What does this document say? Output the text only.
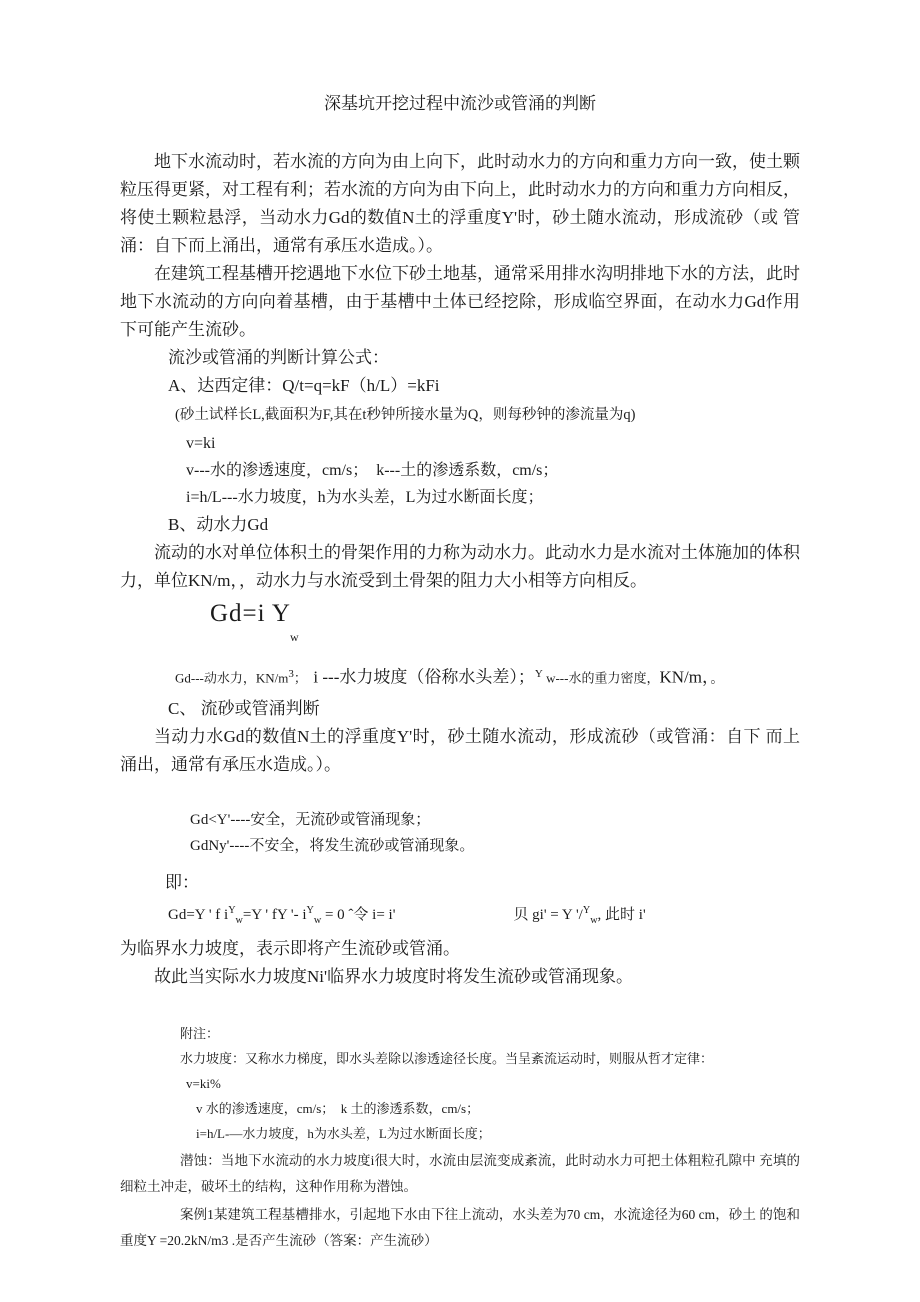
深基坑开挖过程中流沙或管涌的判断

地下水流动时，若水流的方向为由上向下，此时动水力的方向和重力方向一致，使土颗粒压得更紧，对工程有利；若水流的方向为由下向上，此时动水力的方向和重力方向相反，将使土颗粒悬浮，当动水力Gd的数值N土的浮重度Y'时，砂土随水流动，形成流砂（或 管涌：自下而上涌出，通常有承压水造成。）。

在建筑工程基槽开挖遇地下水位下砂土地基，通常采用排水沟明排地下水的方法，此时地下水流动的方向向着基槽，由于基槽中土体已经挖除，形成临空界面，在动水力Gd作用下可能产生流砂。

流沙或管涌的判断计算公式：
A、达西定律：Q/t=q=kF（h/L）=kFi
(砂土试样长L,截面积为F,其在t秒钟所接水量为Q，则每秒钟的渗流量为q)
v=ki
v---水的渗透速度，cm/s；  k---土的渗透系数，cm/s；
i=h/L---水力坡度，h为水头差，L为过水断面长度；
B、动水力Gd

流动的水对单位体积土的骨架作用的力称为动水力。此动水力是水流对土体施加的体积力，单位KN/m，，动水力与水流受到土骨架的阻力大小相等方向相反。

Gd=i Y
w
Gd---动水力，$KN/m^3$；  i ---水力坡度（俗称水头差）；$^Y$ w---水的重力密度，KN/m，。
C、 流砂或管涌判断

当动力水Gd的数值N土的浮重度Y'时，砂土随水流动，形成流砂（或管涌：自下 而上涌出，通常有承压水造成。）。

Gd<Y'----安全，无流砂或管涌现象；
GdNy'----不安全，将发生流砂或管涌现象。
即：
Gd=Y ' f $i^Y_w=Y$ ' fY '- $i^Y_w = 0$ ˆ令 i= i'	贝 gi' = Y '/$^Y_w$, 此时 i'

为临界水力坡度，表示即将产生流砂或管涌。

故此当实际水力坡度Ni'临界水力坡度时将发生流砂或管涌现象。

附注：
水力坡度：又称水力梯度，即水头差除以渗透途径长度。当呈紊流运动时，则服从哲才定律：
v=ki%
v 水的渗透速度，cm/s；  k 土的渗透系数，cm/s；
i=h/L-—水力坡度，h为水头差，L为过水断面长度；

潜蚀：当地下水流动的水力坡度i很大时，水流由层流变成紊流，此时动水力可把土体粗粒孔隙中 充填的细粒土冲走，破坏土的结构，这种作用称为潜蚀。

案例1某建筑工程基槽排水，引起地下水由下往上流动，水头差为70 cm，水流途径为60 cm，砂土 的饱和重度Y =20.2kN/m3 .是否产生流砂（答案：产生流砂）
